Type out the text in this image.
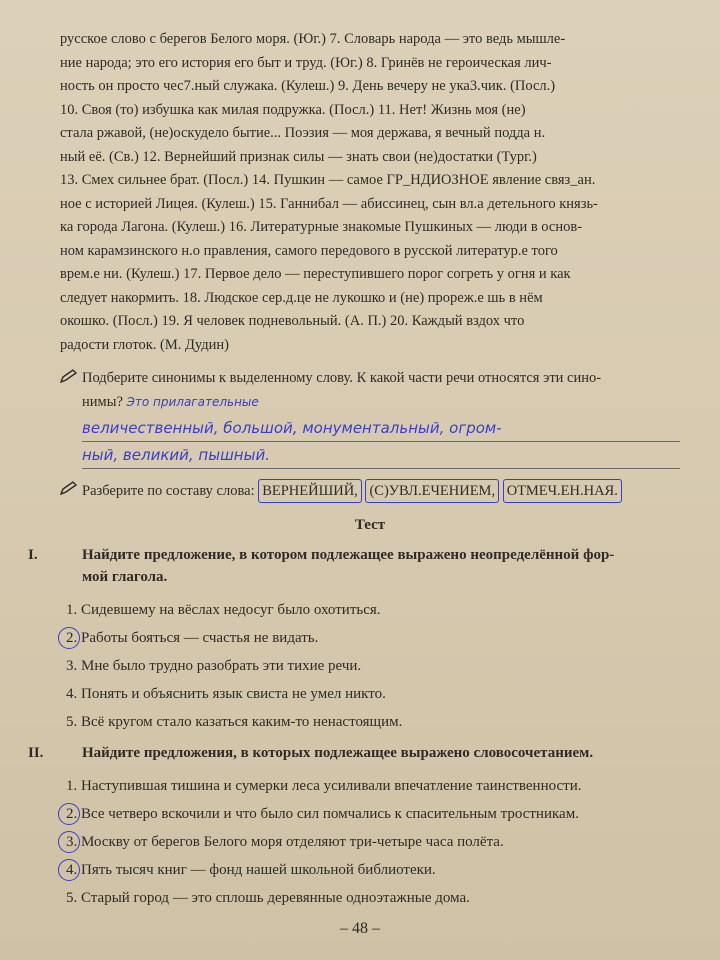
русское слово с берегов Белого моря. (Юг.) 7. Словарь народа — это ведь мышле-
ние народа; это его история его быт и труд. (Юг.) 8. Гринёв не героическая лич-
ность он просто чес7.ный служака. (Кулеш.) 9. День вечеру не ука3.чик. (Посл.)
10. Своя (то) избушка как милая подружка. (Посл.) 11. Нет! Жизнь моя (не)
стала ржавой, (не)оскудело бытие... Поэзия — моя держава, я вечный подда н.
ный её. (Св.) 12. Вернейший признак силы — знать свои (не)достатки (Тург.)
13. Смех сильнее брат. (Посл.) 14. Пушкин — самое ГР_НДИОЗНОЕ явление связ_ан.
ное с историей Лицея. (Кулеш.) 15. Ганнибал — абиссинец, сын вл.а детельного князь-
ка города Лагона. (Кулеш.) 16. Литературные знакомые Пушкиных — люди в основ-
ном карамзинского н.о правления, самого передового в русской литератур.е того
врем.е ни. (Кулеш.) 17. Первое дело — переступившего порог согреть у огня и как
следует накормить. 18. Людское сер.д.це не лукошко и (не) прореж.е шь в нём
окошко. (Посл.) 19. Я человек подневольный. (А. П.) 20. Каждый вздох что
радости глоток. (М. Дудин)
Подберите синонимы к выделенному слову. К какой части речи относятся эти сино-
нимы? Это прилагательные
величественный, большой, монументальный, огром-
ный, великий, пышный.
Разберите по составу слова: ВЕРНЕЙШИЙ, (С)УВЛ.ЕЧЕНИЕМ, ОТМЕЧ.ЕН.НАЯ.
Тест
I.	Найдите предложение, в котором подлежащее выражено неопределённой фор-
мой глагола.
1. Сидевшему на вёслах недосуг было охотиться.
2. Работы бояться — счастья не видать.
3. Мне было трудно разобрать эти тихие речи.
4. Понять и объяснить язык свиста не умел никто.
5. Всё кругом стало казаться каким-то ненастоящим.
II.	Найдите предложения, в которых подлежащее выражено словосочетанием.
1. Наступившая тишина и сумерки леса усиливали впечатление таинственности.
2. Все четверо вскочили и что было сил помчались к спасительным тростникам.
3. Москву от берегов Белого моря отделяют три-четыре часа полёта.
4. Пять тысяч книг — фонд нашей школьной библиотеки.
5. Старый город — это сплошь деревянные одноэтажные дома.
– 48 –
